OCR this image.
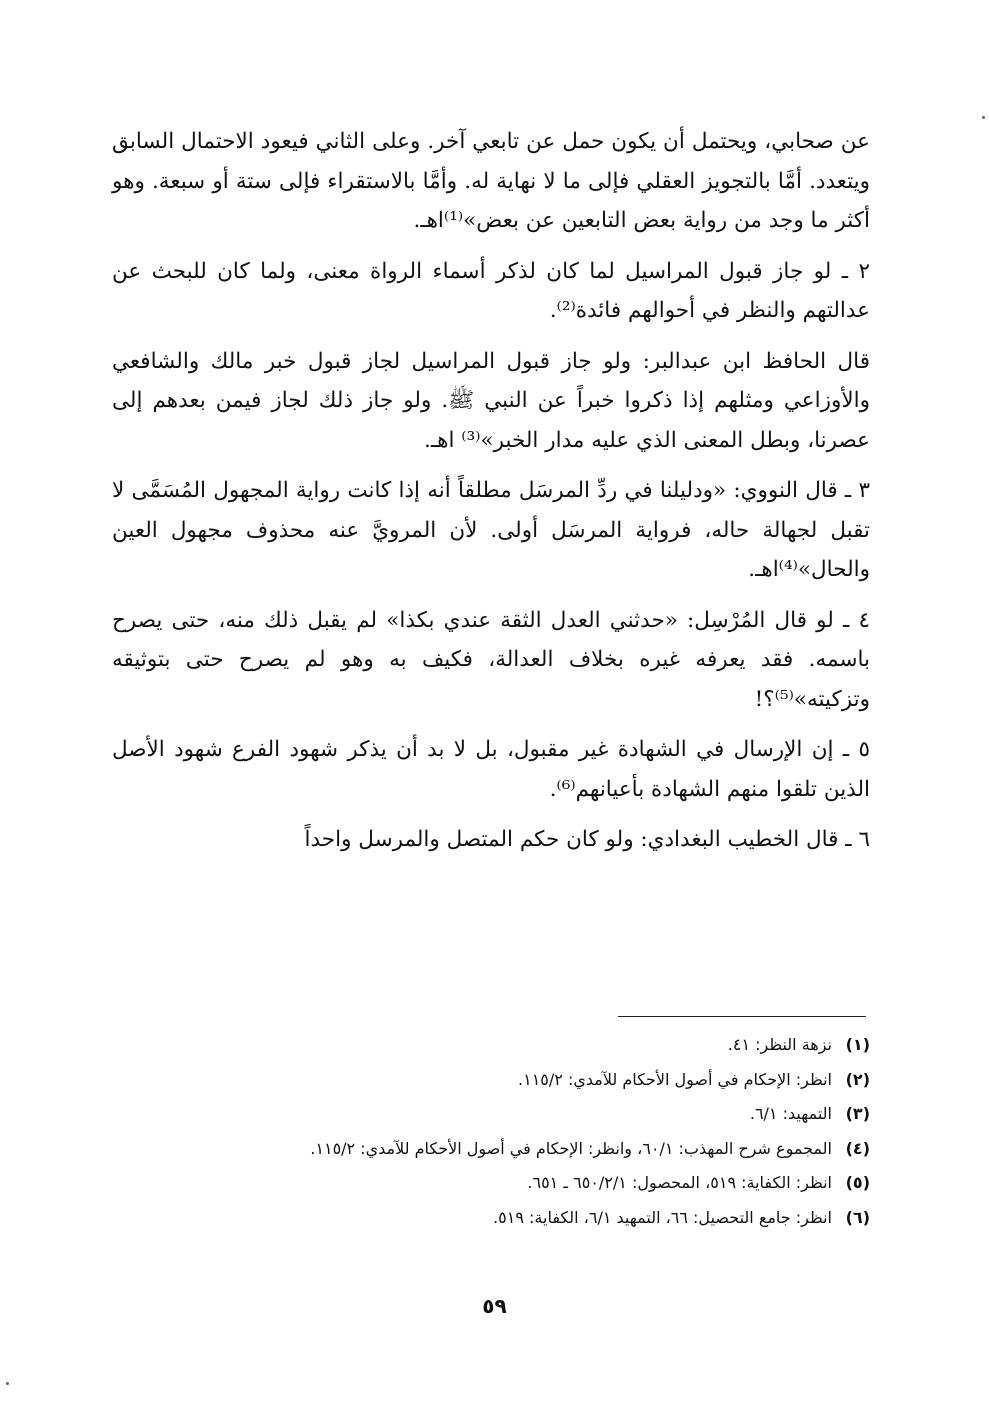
عن صحابي، ويحتمل أن يكون حمل عن تابعي آخر. وعلى الثاني فيعود الاحتمال السابق ويتعدد. أمَّا بالتجويز العقلي فإلى ما لا نهاية له. وأمَّا بالاستقراء فإلى ستة أو سبعة. وهو أكثر ما وجد من رواية بعض التابعين عن بعض»⁽¹⁾اهـ.

٢ ـ لو جاز قبول المراسيل لما كان لذكر أسماء الرواة معنى، ولما كان للبحث عن عدالتهم والنظر في أحوالهم فائدة⁽²⁾.

قال الحافظ ابن عبدالبر: ولو جاز قبول المراسيل لجاز قبول خبر مالك والشافعي والأوزاعي ومثلهم إذا ذكروا خبراً عن النبي ﷺ. ولو جاز ذلك لجاز فيمن بعدهم إلى عصرنا، وبطل المعنى الذي عليه مدار الخبر»⁽³⁾ اهـ.

٣ ـ قال النووي: «ودليلنا في ردِّ المرسَل مطلقاً أنه إذا كانت رواية المجهول المُسَمَّى لا تقبل لجهالة حاله، فرواية المرسَل أولى. لأن المرويَّ عنه محذوف مجهول العين والحال»⁽⁴⁾اهـ.

٤ ـ لو قال المُرْسِل: «حدثني العدل الثقة عندي بكذا» لم يقبل ذلك منه، حتى يصرح باسمه. فقد يعرفه غيره بخلاف العدالة، فكيف به وهو لم يصرح حتى بتوثيقه وتزكيته»⁽⁵⁾؟!

٥ ـ إن الإرسال في الشهادة غير مقبول، بل لا بد أن يذكر شهود الفرع شهود الأصل الذين تلقوا منهم الشهادة بأعيانهم⁽⁶⁾.

٦ ـ قال الخطيب البغدادي: ولو كان حكم المتصل والمرسل واحداً

(١)
نزهة النظر: ٤١.
(٢)
انظر: الإحكام في أصول الأحكام للآمدي: ١١٥/٢.
(٣)
التمهيد: ٦/١.
(٤)
المجموع شرح المهذب: ٦٠/١، وانظر: الإحكام في أصول الأحكام للآمدي: ١١٥/٢.
(٥)
انظر: الكفاية: ٥١٩، المحصول: ٦٥٠/٢/١ ـ ٦٥١.
(٦)
انظر: جامع التحصيل: ٦٦، التمهيد ٦/١، الكفاية: ٥١٩.
٥٩
